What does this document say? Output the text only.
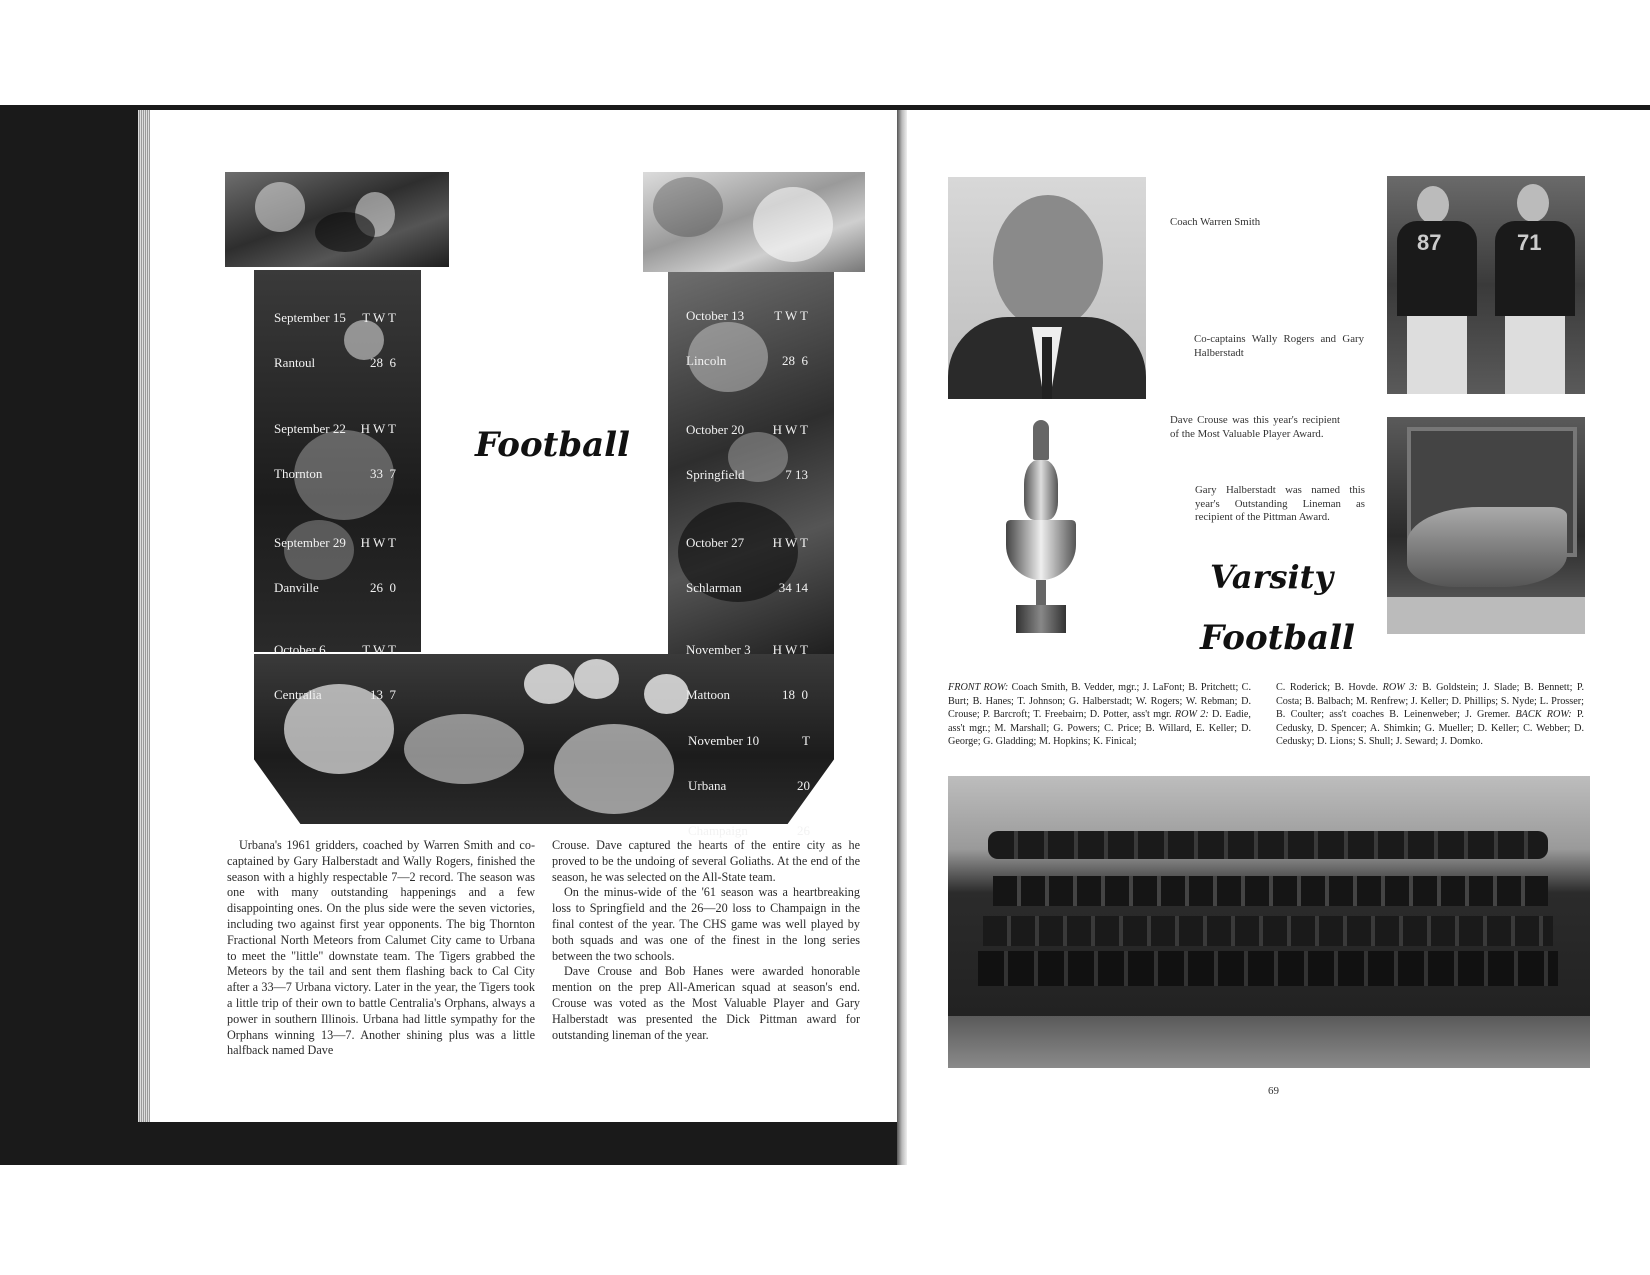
September 15 T W T

Rantoul	28  6

September 22 H W T

Thornton	33  7

September 29 H W T

Danville	26  0

October 6	T W T

Centralia	13  7

October 13 T W T

Lincoln	28  6

October 20 H W T

Springfield	7 13

October 27 H W T

Schlarman	34 14

November 3 H W T

Mattoon	18  0

November 10	T

Urbana	20

Champaign	26

Football

Urbana's 1961 gridders, coached by Warren Smith and co-captained by Gary Halberstadt and Wally Rogers, finished the season with a highly respectable 7—2 record. The season was one with many outstanding happenings and a few disappointing ones. On the plus side were the seven victories, including two against first year opponents. The big Thornton Fractional North Meteors from Calumet City came to Urbana to meet the "little" downstate team. The Tigers grabbed the Meteors by the tail and sent them flashing back to Cal City after a 33—7 Urbana victory. Later in the year, the Tigers took a little trip of their own to battle Centralia's Orphans, always a power in southern Illinois. Urbana had little sympathy for the Orphans winning 13—7. Another shining plus was a little halfback named Dave

Crouse. Dave captured the hearts of the entire city as he proved to be the undoing of several Goliaths. At the end of the season, he was selected on the All-State team.

On the minus-wide of the '61 season was a heartbreaking loss to Springfield and the 26—20 loss to Champaign in the final contest of the year. The CHS game was well played by both squads and was one of the finest in the long series between the two schools.

Dave Crouse and Bob Hanes were awarded honorable mention on the prep All-American squad at season's end. Crouse was voted as the Most Valuable Player and Gary Halberstadt was presented the Dick Pittman award for outstanding lineman of the year.

Coach Warren Smith
87	71
Co-captains Wally Rogers and Gary Halberstadt
Dave Crouse was this year's recipient of the Most Valuable Player Award.
Gary Halberstadt was named this year's Outstanding Lineman as recipient of the Pittman Award.
Varsity
Football
FRONT ROW: Coach Smith, B. Vedder, mgr.; J. LaFont; B. Pritchett; C. Burt; B. Hanes; T. Johnson; G. Halberstadt; W. Rogers; W. Rebman; D. Crouse; P. Barcroft; T. Freebairn; D. Potter, ass't mgr. ROW 2: D. Eadie, ass't mgr.; M. Marshall; G. Powers; C. Price; B. Willard, E. Keller; D. George; G. Gladding; M. Hopkins; K. Finical;
C. Roderick; B. Hovde. ROW 3: B. Goldstein; J. Slade; B. Bennett; P. Costa; B. Balbach; M. Renfrew; J. Keller; D. Phillips; S. Nyde; L. Prosser; B. Coulter; ass't coaches B. Leinenweber; J. Gremer. BACK ROW: P. Cedusky, D. Spencer; A. Shimkin; G. Mueller; D. Keller; C. Webber; D. Cedusky; D. Lions; S. Shull; J. Seward; J. Domko.
69
